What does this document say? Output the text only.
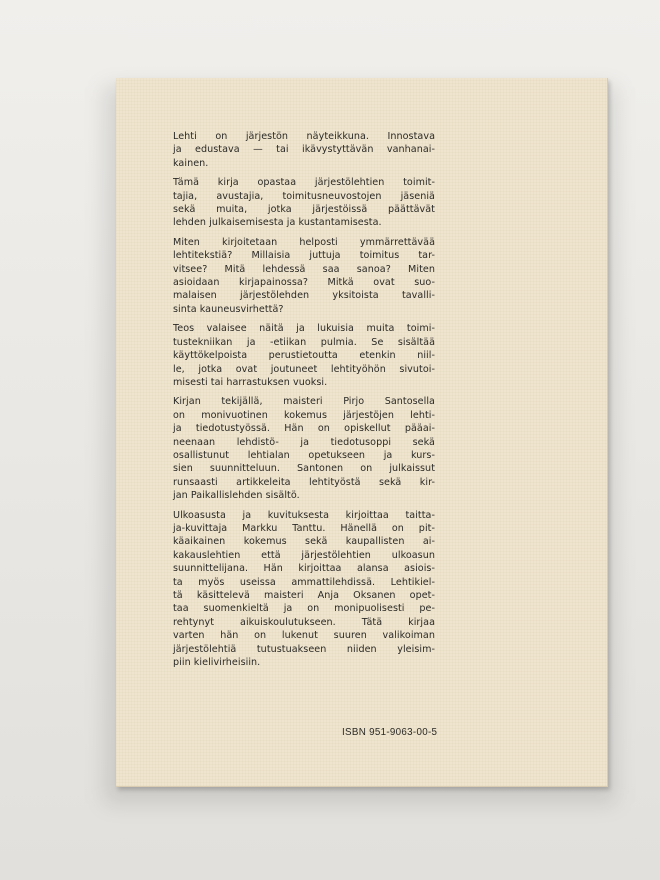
Lehti on järjestön näyteikkuna. Innostava
ja edustava — tai ikävystyttävän vanhanai-
kainen.

Tämä kirja opastaa järjestölehtien toimit-
tajia, avustajia, toimitusneuvostojen jäseniä
sekä muita, jotka järjestöissä päättävät
lehden julkaisemisesta ja kustantamisesta.

Miten kirjoitetaan helposti ymmärrettävää
lehtitekstiä? Millaisia juttuja toimitus tar-
vitsee? Mitä lehdessä saa sanoa? Miten
asioidaan kirjapainossa? Mitkä ovat suo-
malaisen järjestölehden yksitoista tavalli-
sinta kauneusvirhettä?

Teos valaisee näitä ja lukuisia muita toimi-
tustekniikan ja -etiikan pulmia. Se sisältää
käyttökelpoista perustietoutta etenkin niil-
le, jotka ovat joutuneet lehtityöhön sivutoi-
misesti tai harrastuksen vuoksi.

Kirjan tekijällä, maisteri Pirjo Santosella
on monivuotinen kokemus järjestöjen lehti-
ja tiedotustyössä. Hän on opiskellut pääai-
neenaan lehdistö- ja tiedotusoppi sekä
osallistunut lehtialan opetukseen ja kurs-
sien suunnitteluun. Santonen on julkaissut
runsaasti artikkeleita lehtityöstä sekä kir-
jan Paikallislehden sisältö.

Ulkoasusta ja kuvituksesta kirjoittaa taitta-
ja-kuvittaja Markku Tanttu. Hänellä on pit-
käaikainen kokemus sekä kaupallisten ai-
kakauslehtien että järjestölehtien ulkoasun
suunnittelijana. Hän kirjoittaa alansa asiois-
ta myös useissa ammattilehdissä. Lehtikiel-
tä käsittelevä maisteri Anja Oksanen opet-
taa suomenkieltä ja on monipuolisesti pe-
rehtynyt aikuiskoulutukseen. Tätä kirjaa
varten hän on lukenut suuren valikoiman
järjestölehtiä tutustuakseen niiden yleisim-
piin kielivirheisiin.

ISBN 951-9063-00-5
